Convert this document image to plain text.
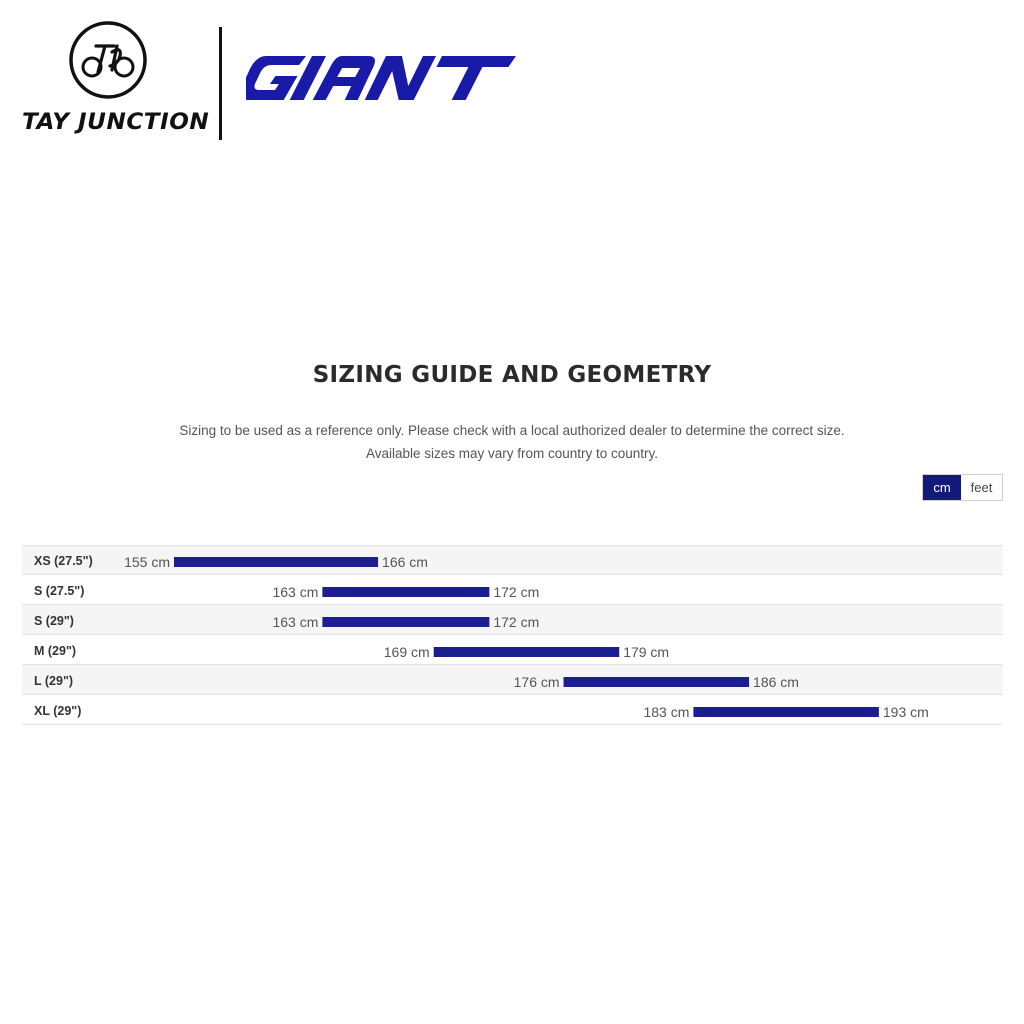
TAY JUNCTION
SIZING GUIDE AND GEOMETRY
Sizing to be used as a reference only. Please check with a local authorized dealer to determine the correct size.
Available sizes may vary from country to country.
cm	feet
XS (27.5") 155 cm	166 cm
S (27.5")	163 cm	172 cm
S (29")	163 cm	172 cm
M (29")	169 cm	179 cm
L (29")	176 cm	186 cm
XL (29")	183 cm	193 cm
